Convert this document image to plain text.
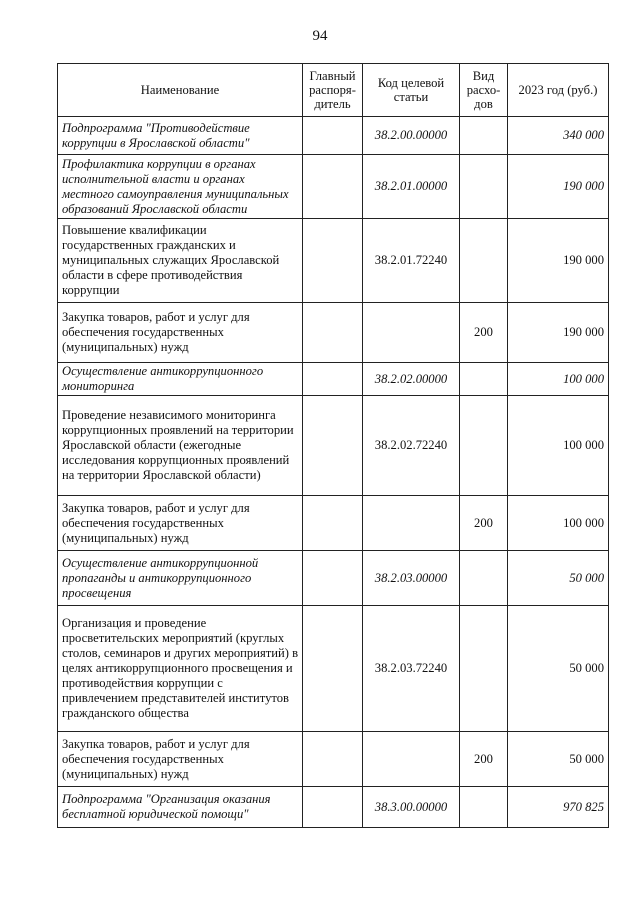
94
Наименование	Главный распоря-дитель	Код целевой статьи	Вид расхо-дов	2023 год (руб.)
Подпрограмма "Противодействие коррупции в Ярославской области"		38.2.00.00000		340 000
Профилактика коррупции в органах исполнительной власти и органах местного самоуправления муниципальных образований Ярославской области		38.2.01.00000		190 000
Повышение квалификации государственных гражданских и муниципальных служащих Ярославской области в сфере противодействия коррупции		38.2.01.72240		190 000
Закупка товаров, работ и услуг для обеспечения государственных (муниципальных) нужд			200	190 000
Осуществление антикоррупционного мониторинга		38.2.02.00000		100 000
Проведение независимого мониторинга коррупционных проявлений на территории Ярославской области (ежегодные исследования коррупционных проявлений на территории Ярославской области)		38.2.02.72240		100 000
Закупка товаров, работ и услуг для обеспечения государственных (муниципальных) нужд			200	100 000
Осуществление антикоррупционной пропаганды и антикоррупционного просвещения		38.2.03.00000		50 000
Организация и проведение просветительских мероприятий (круглых столов, семинаров и других мероприятий) в целях антикоррупционного просвещения и противодействия коррупции с привлечением представителей институтов гражданского общества		38.2.03.72240		50 000
Закупка товаров, работ и услуг для обеспечения государственных (муниципальных) нужд			200	50 000
Подпрограмма "Организация оказания бесплатной юридической помощи"		38.3.00.00000		970 825
